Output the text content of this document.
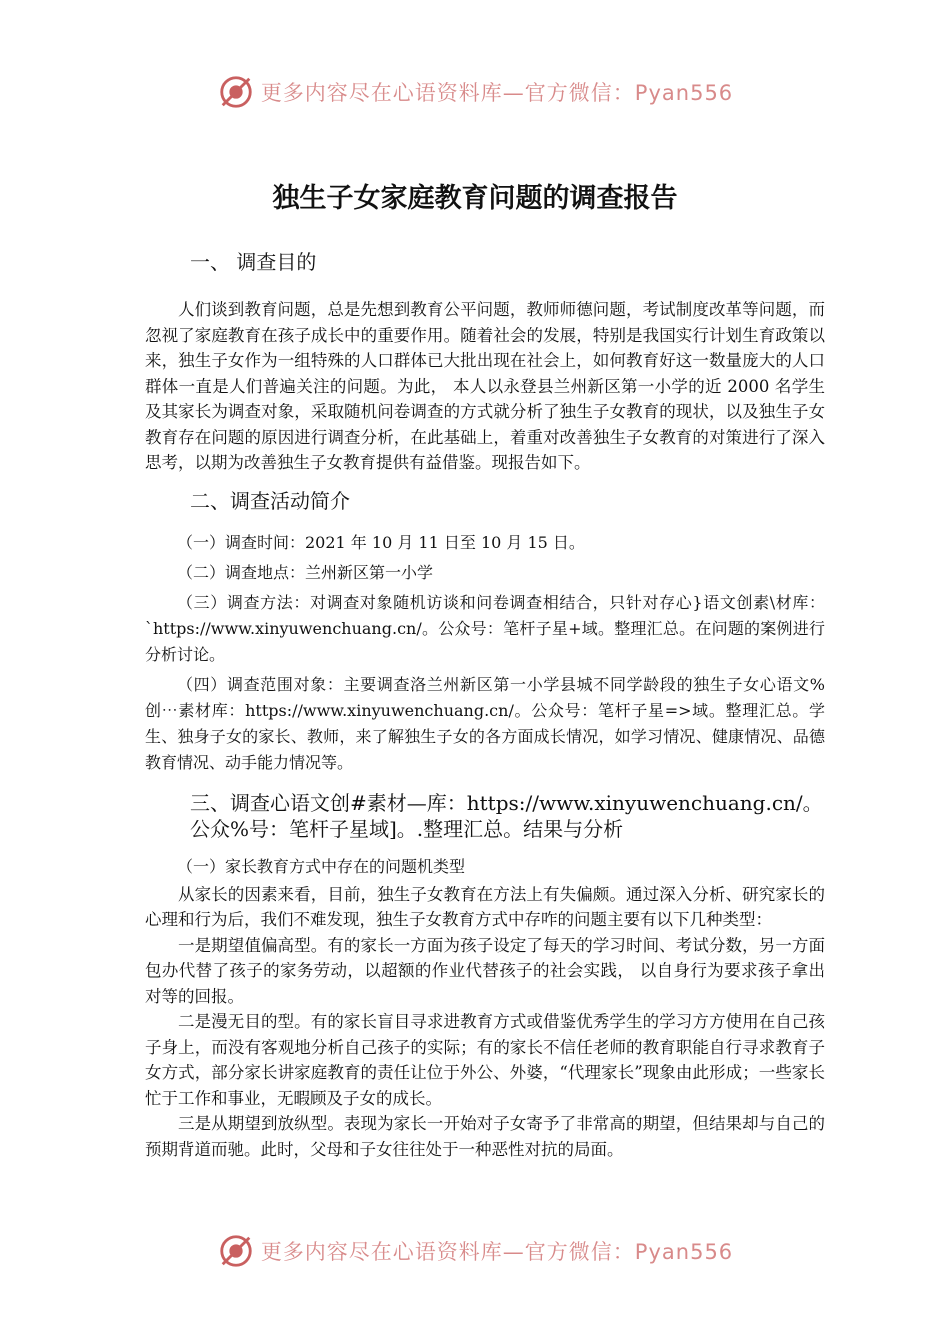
更多内容尽在心语资料库—官方微信：Pyan556
独生子女家庭教育问题的调查报告
一、 调查目的

人们谈到教育问题，总是先想到教育公平问题，教师师德问题，考试制度改革等问题，而忽视了家庭教育在孩子成长中的重要作用。随着社会的发展，特别是我国实行计划生育政策以来，独生子女作为一组特殊的人口群体已大批出现在社会上，如何教育好这一数量庞大的人口群体一直是人们普遍关注的问题。为此， 本人以永登县兰州新区第一小学的近 2000 名学生及其家长为调查对象，采取随机问卷调查的方式就分析了独生子女教育的现状，以及独生子女教育存在问题的原因进行调查分析，在此基础上，着重对改善独生子女教育的对策进行了深入思考，以期为改善独生子女教育提供有益借鉴。现报告如下。

二、调查活动简介

（一）调查时间：2021 年 10 月 11 日至 10 月 15 日。

（二）调查地点：兰州新区第一小学

（三）调查方法：对调查对象随机访谈和问卷调查相结合，只针对存心}语文创素\材库：`https://www.xinyuwenchuang.cn/。公众号：笔杆子星+域。整理汇总。在问题的案例进行分析讨论。

（四）调查范围对象：主要调查洛兰州新区第一小学县城不同学龄段的独生子女心语文%创⋯素材库：https://www.xinyuwenchuang.cn/。公众号：笔杆子星=>域。整理汇总。学生、独身子女的家长、教师，来了解独生子女的各方面成长情况，如学习情况、健康情况、品德教育情况、动手能力情况等。

三、调查心语文创#素材—库：https://www.xinyuwenchuang.cn/。公众%号：笔杆子星域]。.整理汇总。结果与分析

（一）家长教育方式中存在的问题机类型

从家长的因素来看，目前，独生子女教育在方法上有失偏颇。通过深入分析、研究家长的心理和行为后，我们不难发现，独生子女教育方式中存咋的问题主要有以下几种类型：

一是期望值偏高型。有的家长一方面为孩子设定了每天的学习时间、考试分数，另一方面包办代替了孩子的家务劳动，以超额的作业代替孩子的社会实践， 以自身行为要求孩子拿出对等的回报。

二是漫无目的型。有的家长盲目寻求进教育方式或借鉴优秀学生的学习方方使用在自己孩子身上，而没有客观地分析自己孩子的实际；有的家长不信任老师的教育职能自行寻求教育子女方式，部分家长讲家庭教育的责任让位于外公、外婆，“代理家长”现象由此形成；一些家长忙于工作和事业，无暇顾及子女的成长。

三是从期望到放纵型。表现为家长一开始对子女寄予了非常高的期望，但结果却与自己的预期背道而驰。此时，父母和子女往往处于一种恶性对抗的局面。

更多内容尽在心语资料库—官方微信：Pyan556
